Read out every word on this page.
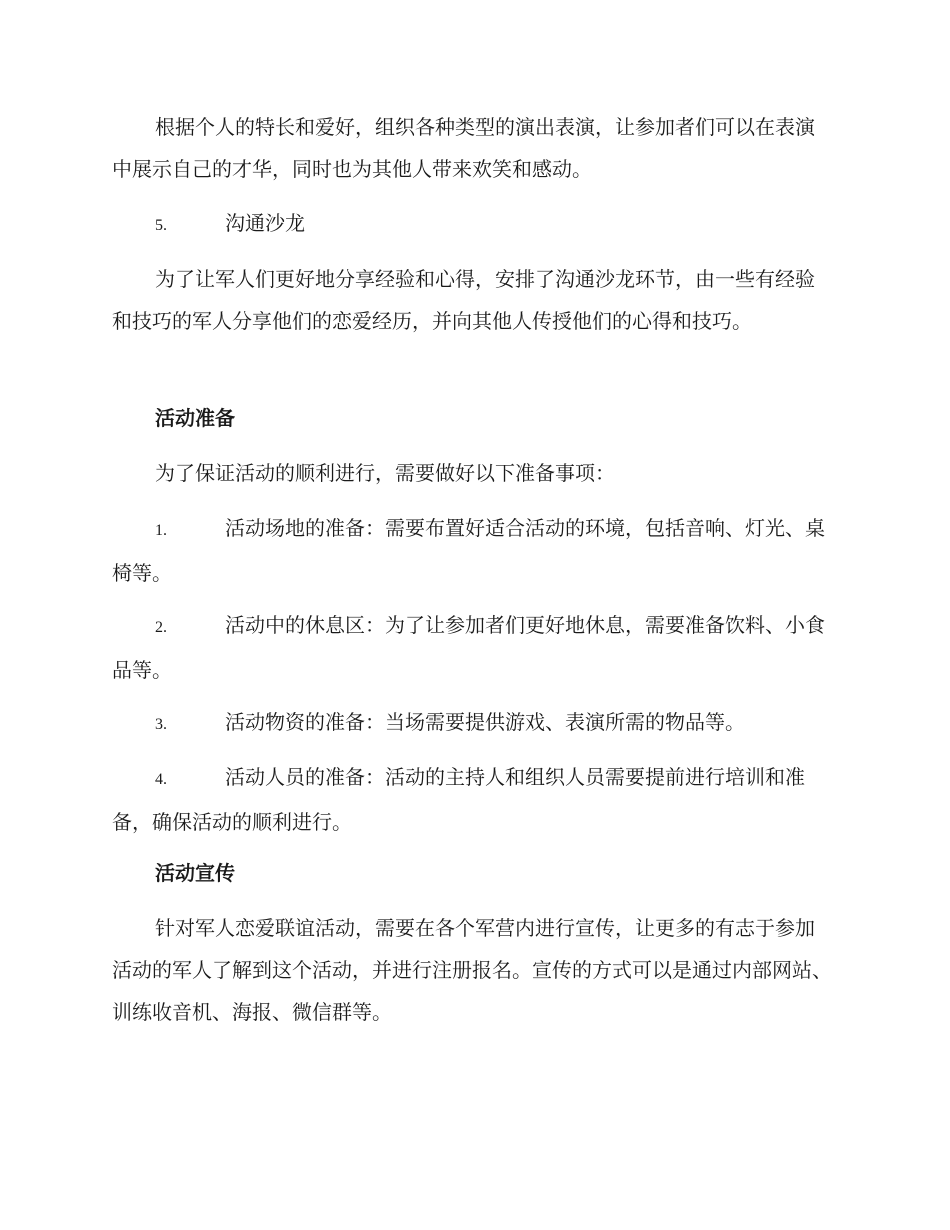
根据个人的特长和爱好，组织各种类型的演出表演，让参加者们可以在表演中展示自己的才华，同时也为其他人带来欢笑和感动。

5.	沟通沙龙

为了让军人们更好地分享经验和心得，安排了沟通沙龙环节，由一些有经验和技巧的军人分享他们的恋爱经历，并向其他人传授他们的心得和技巧。

活动准备

为了保证活动的顺利进行，需要做好以下准备事项：

1.	活动场地的准备：需要布置好适合活动的环境，包括音响、灯光、桌椅等。

2.	活动中的休息区：为了让参加者们更好地休息，需要准备饮料、小食品等。

3.	活动物资的准备：当场需要提供游戏、表演所需的物品等。

4.	活动人员的准备：活动的主持人和组织人员需要提前进行培训和准备，确保活动的顺利进行。

活动宣传

针对军人恋爱联谊活动，需要在各个军营内进行宣传，让更多的有志于参加活动的军人了解到这个活动，并进行注册报名。宣传的方式可以是通过内部网站、训练收音机、海报、微信群等。
